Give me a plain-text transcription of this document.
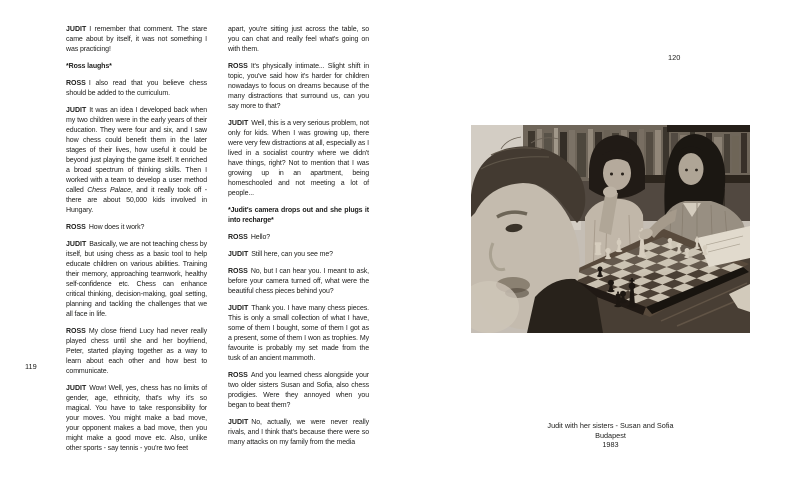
JUDIT I remember that comment. The stare came about by itself, it was not something I was practicing!

*Ross laughs*

ROSS I also read that you believe chess should be added to the curriculum.

JUDIT It was an idea I developed back when my two children were in the early years of their education. They were four and six, and I saw how chess could benefit them in the later stages of their lives, how useful it could be beyond just playing the game itself. It enriched a broad spectrum of thinking skills. Then I worked with a team to develop a user method called Chess Palace, and it really took off - there are about 50,000 kids involved in Hungary.

ROSS How does it work?

JUDIT Basically, we are not teaching chess by itself, but using chess as a basic tool to help educate children on various abilities. Training their memory, approaching teamwork, healthy self-confidence etc. Chess can enhance critical thinking, decision-making, goal setting, planning and tackling the challenges that we all face in life.

ROSS My close friend Lucy had never really played chess until she and her boyfriend, Peter, started playing together as a way to learn about each other and how best to communicate.

JUDIT Wow! Well, yes, chess has no limits of gender, age, ethnicity, that's why it's so magical. You have to take responsibility for your moves. You might make a bad move, your opponent makes a bad move, then you might make a good move etc. Also, unlike other sports - say tennis - you're two feet

apart, you're sitting just across the table, so you can chat and really feel what's going on with them.

ROSS It's physically intimate... Slight shift in topic, you've said how it's harder for children nowadays to focus on dreams because of the many distractions that surround us, can you say more to that?

JUDIT Well, this is a very serious problem, not only for kids. When I was growing up, there were very few distractions at all, especially as I lived in a socialist country where we didn't have things, right? Not to mention that I was growing up in an apartment, being homeschooled and not meeting a lot of people...

*Judit's camera drops out and she plugs it into recharge*

ROSS Hello?

JUDIT Still here, can you see me?

ROSS No, but I can hear you. I meant to ask, before your camera turned off, what were the beautiful chess pieces behind you?

JUDIT Thank you. I have many chess pieces. This is only a small collection of what I have, some of them I bought, some of them I got as a present, some of them I won as trophies. My favourite is probably my set made from the tusk of an ancient mammoth.

ROSS And you learned chess alongside your two older sisters Susan and Sofia, also chess prodigies. Were they annoyed when you began to beat them?

JUDIT No, actually, we were never really rivals, and I think that's because there were so many attacks on my family from the media

119
120
Judit with her sisters - Susan and Sofia
Budapest
1983
